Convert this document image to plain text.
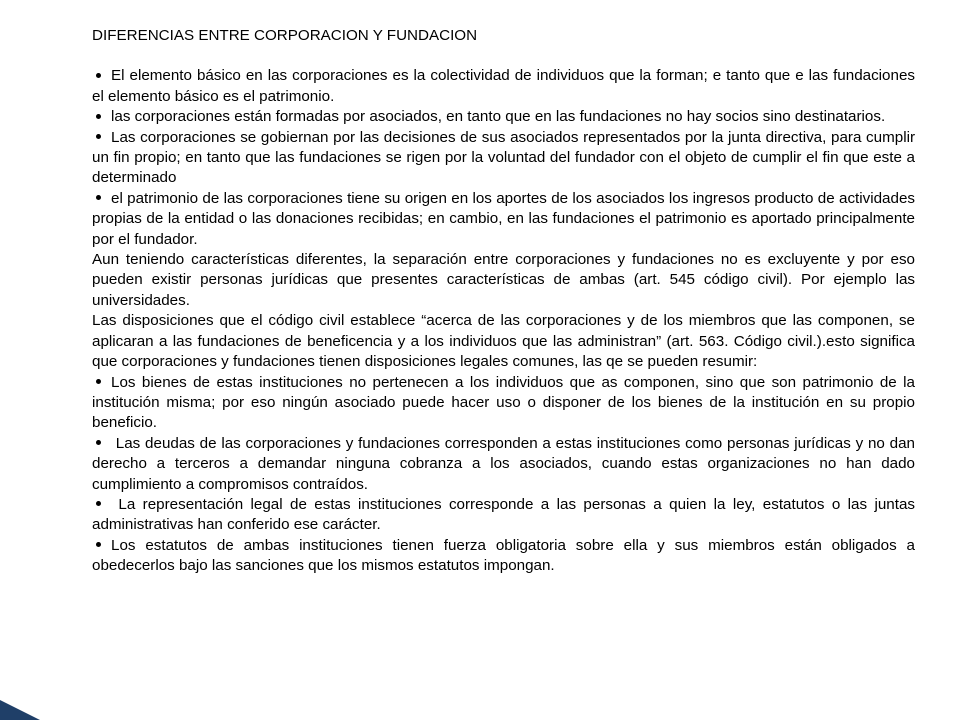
DIFERENCIAS ENTRE CORPORACION Y FUNDACION

El elemento básico en las corporaciones es la colectividad de individuos que la forman; e tanto que e las fundaciones el elemento básico es el patrimonio.

las corporaciones están formadas por asociados, en tanto que en las fundaciones no hay socios sino destinatarios.

Las corporaciones se gobiernan por las decisiones de sus asociados representados por la junta directiva, para cumplir un fin propio; en tanto que las fundaciones se rigen por la voluntad del fundador con el objeto de cumplir el fin que este a determinado

el patrimonio de las corporaciones tiene su origen en los aportes de los asociados los ingresos producto de actividades propias de la entidad o las donaciones recibidas; en cambio, en las fundaciones el patrimonio es aportado principalmente por el fundador.

Aun teniendo características diferentes, la separación entre corporaciones y fundaciones no es excluyente y por eso pueden existir personas jurídicas que presentes características de ambas (art. 545 código civil). Por ejemplo las universidades.

Las disposiciones que el código civil establece “acerca de las corporaciones y de los miembros que las componen, se aplicaran a las fundaciones de beneficencia y a los individuos que las administran” (art. 563. Código civil.).esto significa que corporaciones y fundaciones tienen disposiciones legales comunes, las qe se pueden resumir:

Los bienes de estas instituciones no pertenecen a los individuos que as componen, sino que son patrimonio de la institución misma; por eso ningún asociado puede hacer uso o disponer de los bienes de la institución en su propio beneficio.

Las deudas de las corporaciones y fundaciones corresponden a estas instituciones como personas jurídicas y no dan derecho a terceros a demandar ninguna cobranza a los asociados, cuando estas organizaciones no han dado cumplimiento a compromisos contraídos.

La representación legal de estas instituciones corresponde a las personas a quien la ley, estatutos o las juntas administrativas han conferido ese carácter.

Los estatutos de ambas instituciones tienen fuerza obligatoria sobre ella y sus miembros están obligados a obedecerlos bajo las sanciones que los mismos estatutos impongan.
